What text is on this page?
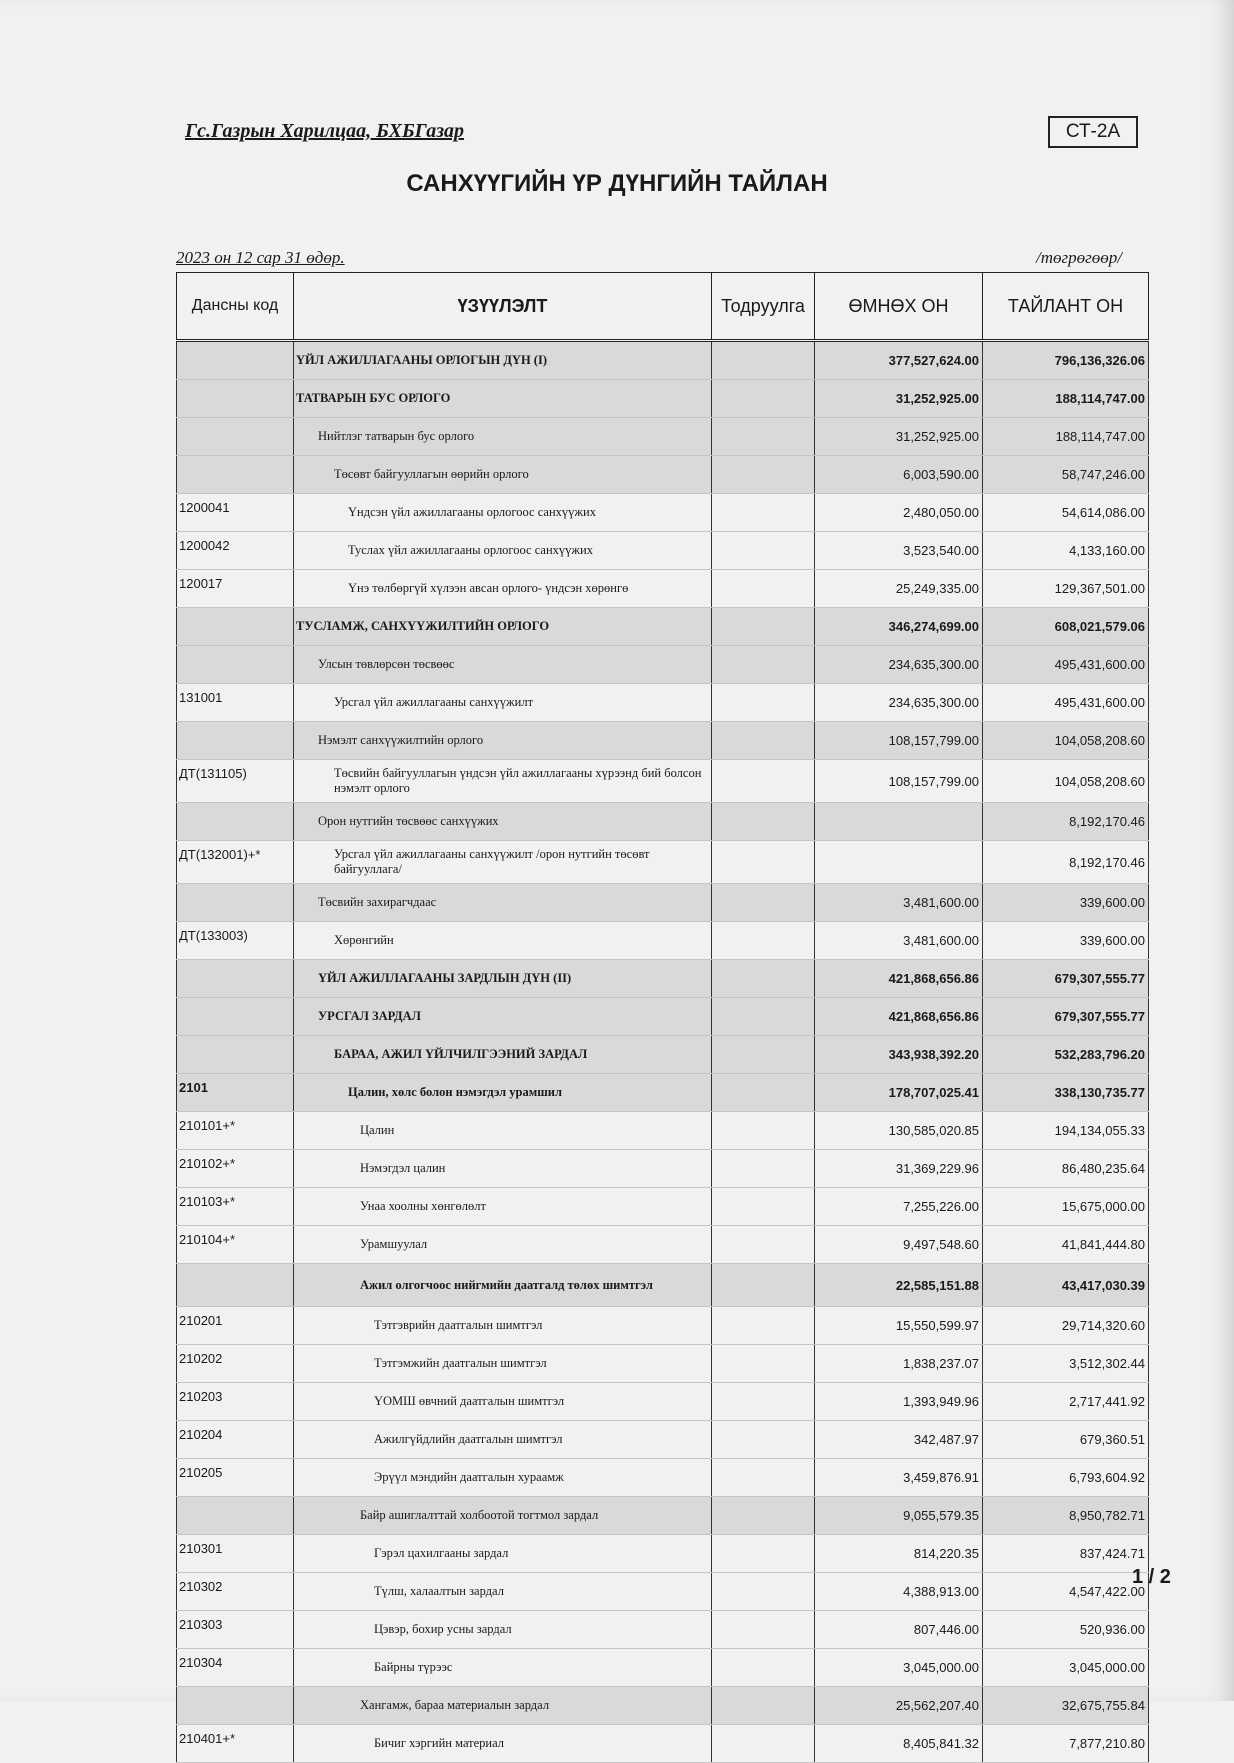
Гс.Газрын Харилцаа, БХБГазар	СТ-2А
САНХҮҮГИЙН ҮР ДҮНГИЙН ТАЙЛАН
2023 он 12 сар 31 өдөр.	/төгрөгөөр/
Дансны код	ҮЗҮҮЛЭЛТ	Тодруулга	ӨМНӨХ ОН	ТАЙЛАНТ ОН
	ҮЙЛ АЖИЛЛАГААНЫ ОРЛОГЫН ДҮН (I)		377,527,624.00	796,136,326.06
	ТАТВАРЫН БУС ОРЛОГО		31,252,925.00	188,114,747.00
	Нийтлэг татварын бус орлого		31,252,925.00	188,114,747.00
	Төсөвт байгууллагын өөрийн орлого		6,003,590.00	58,747,246.00
1200041	Үндсэн үйл ажиллагааны орлогоос санхүүжих		2,480,050.00	54,614,086.00
1200042	Туслах үйл ажиллагааны орлогоос санхүүжих		3,523,540.00	4,133,160.00
120017	Үнэ төлбөргүй хүлээн авсан орлого- үндсэн хөрөнгө		25,249,335.00	129,367,501.00
	ТУСЛАМЖ, САНХҮҮЖИЛТИЙН ОРЛОГО		346,274,699.00	608,021,579.06
	Улсын төвлөрсөн төсвөөс		234,635,300.00	495,431,600.00
131001	Урсгал үйл ажиллагааны санхүүжилт		234,635,300.00	495,431,600.00
	Нэмэлт санхүүжилтийн орлого		108,157,799.00	104,058,208.60
ДТ(131105)	Төсвийн байгууллагын үндсэн үйл ажиллагааны хүрээнд бий болсон нэмэлт орлого		108,157,799.00	104,058,208.60
	Орон нутгийн төсвөөс санхүүжих			8,192,170.46
ДТ(132001)+*	Урсгал үйл ажиллагааны санхүүжилт /орон нутгийн төсөвт байгууллага/			8,192,170.46
	Төсвийн захирагчдаас		3,481,600.00	339,600.00
ДТ(133003)	Хөрөнгийн		3,481,600.00	339,600.00
	ҮЙЛ АЖИЛЛАГААНЫ ЗАРДЛЫН ДҮН (II)		421,868,656.86	679,307,555.77
	УРСГАЛ ЗАРДАЛ		421,868,656.86	679,307,555.77
	БАРАА, АЖИЛ ҮЙЛЧИЛГЭЭНИЙ ЗАРДАЛ		343,938,392.20	532,283,796.20
2101	Цалин, хөлс болон нэмэгдэл урамшил		178,707,025.41	338,130,735.77
210101+*	Цалин		130,585,020.85	194,134,055.33
210102+*	Нэмэгдэл цалин		31,369,229.96	86,480,235.64
210103+*	Унаа хоолны хөнгөлөлт		7,255,226.00	15,675,000.00
210104+*	Урамшуулал		9,497,548.60	41,841,444.80
	Ажил олгогчоос нийгмийн даатгалд төлөх шимтгэл		22,585,151.88	43,417,030.39
210201	Тэтгэврийн даатгалын шимтгэл		15,550,599.97	29,714,320.60
210202	Тэтгэмжийн даатгалын шимтгэл		1,838,237.07	3,512,302.44
210203	ҮОМШ өвчний даатгалын шимтгэл		1,393,949.96	2,717,441.92
210204	Ажилгүйдлийн даатгалын шимтгэл		342,487.97	679,360.51
210205	Эрүүл мэндийн даатгалын хураамж		3,459,876.91	6,793,604.92
	Байр ашиглалттай холбоотой тогтмол зардал		9,055,579.35	8,950,782.71
210301	Гэрэл цахилгааны зардал		814,220.35	837,424.71
210302	Түлш, халаалтын зардал		4,388,913.00	4,547,422.00
210303	Цэвэр, бохир усны зардал		807,446.00	520,936.00
210304	Байрны түрээс		3,045,000.00	3,045,000.00
	Хангамж, бараа материалын зардал		25,562,207.40	32,675,755.84
210401+*	Бичиг хэргийн материал		8,405,841.32	7,877,210.80
1 / 2
